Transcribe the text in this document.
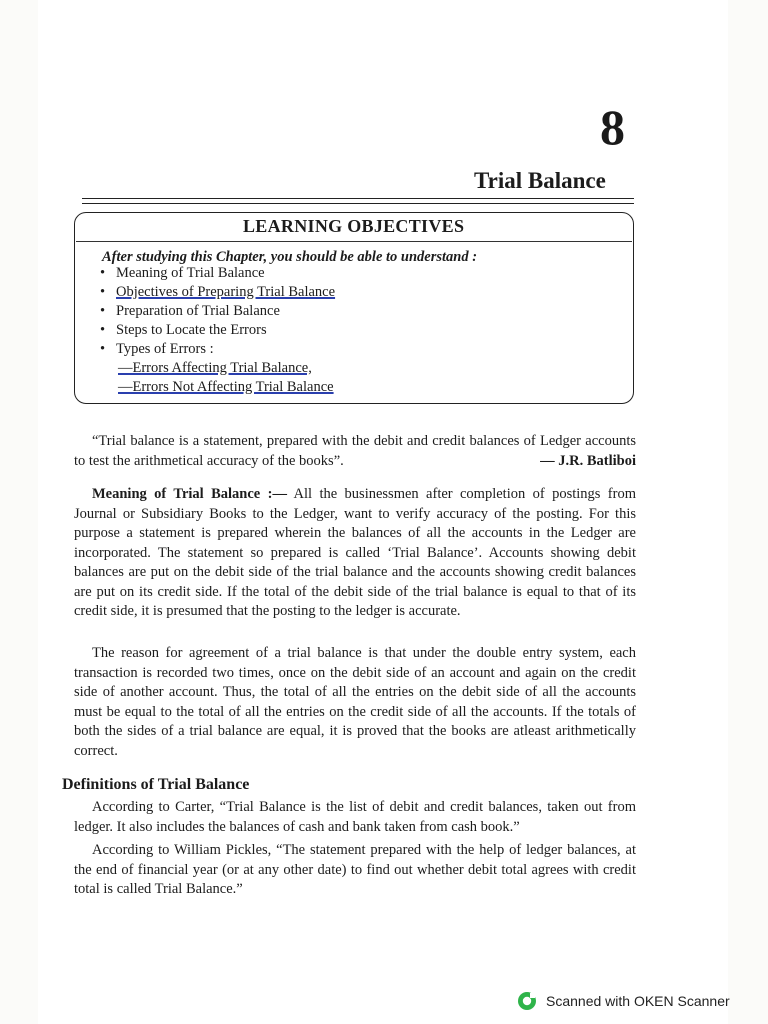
8
Trial Balance
LEARNING OBJECTIVES
After studying this Chapter, you should be able to understand :
• Meaning of Trial Balance
• Objectives of Preparing Trial Balance
• Preparation of Trial Balance
• Steps to Locate the Errors
• Types of Errors :
—Errors Affecting Trial Balance,
—Errors Not Affecting Trial Balance
“Trial balance is a statement, prepared with the debit and credit balances of Ledger accounts to test the arithmetical accuracy of the books”.	— J.R. Batliboi
Meaning of Trial Balance :— All the businessmen after completion of postings from Journal or Subsidiary Books to the Ledger, want to verify accuracy of the posting. For this purpose a statement is prepared wherein the balances of all the accounts in the Ledger are incorporated. The statement so prepared is called ‘Trial Balance’. Accounts showing debit balances are put on the debit side of the trial balance and the accounts showing credit balances are put on its credit side. If the total of the debit side of the trial balance is equal to that of its credit side, it is presumed that the posting to the ledger is accurate.
The reason for agreement of a trial balance is that under the double entry system, each transaction is recorded two times, once on the debit side of an account and again on the credit side of another account. Thus, the total of all the entries on the debit side of all the accounts must be equal to the total of all the entries on the credit side of all the accounts. If the totals of both the sides of a trial balance are equal, it is proved that the books are atleast arithmetically correct.
Definitions of Trial Balance
According to Carter, “Trial Balance is the list of debit and credit balances, taken out from ledger. It also includes the balances of cash and bank taken from cash book.”
According to William Pickles, “The statement prepared with the help of ledger balances, at the end of financial year (or at any other date) to find out whether debit total agrees with credit total is called Trial Balance.”
Scanned with OKEN Scanner
